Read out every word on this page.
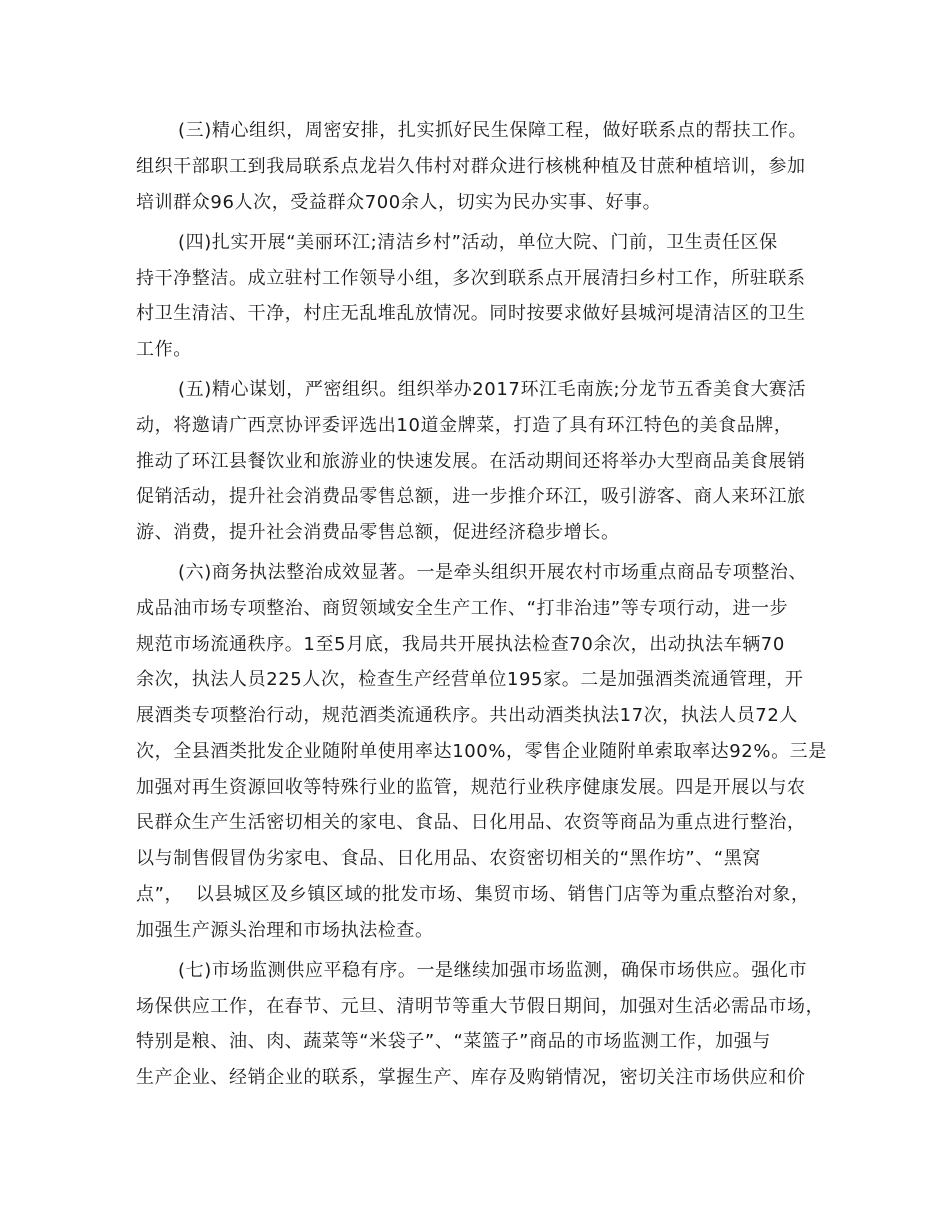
(三)精心组织，周密安排，扎实抓好民生保障工程，做好联系点的帮扶工作。
组织干部职工到我局联系点龙岩久伟村对群众进行核桃种植及甘蔗种植培训，参加
培训群众96人次，受益群众700余人，切实为民办实事、好事。
(四)扎实开展“美丽环江;清洁乡村”活动，单位大院、门前，卫生责任区保
持干净整洁。成立驻村工作领导小组，多次到联系点开展清扫乡村工作，所驻联系
村卫生清洁、干净，村庄无乱堆乱放情况。同时按要求做好县城河堤清洁区的卫生
工作。
(五)精心谋划，严密组织。组织举办2017环江毛南族;分龙节五香美食大赛活
动，将邀请广西烹协评委评选出10道金牌菜，打造了具有环江特色的美食品牌，
推动了环江县餐饮业和旅游业的快速发展。在活动期间还将举办大型商品美食展销
促销活动，提升社会消费品零售总额，进一步推介环江，吸引游客、商人来环江旅
游、消费，提升社会消费品零售总额，促进经济稳步增长。
(六)商务执法整治成效显著。一是牵头组织开展农村市场重点商品专项整治、
成品油市场专项整治、商贸领域安全生产工作、“打非治违”等专项行动，进一步
规范市场流通秩序。1至5月底，我局共开展执法检查70余次，出动执法车辆70
余次，执法人员225人次，检查生产经营单位195家。二是加强酒类流通管理，开
展酒类专项整治行动，规范酒类流通秩序。共出动酒类执法17次，执法人员72人
次，全县酒类批发企业随附单使用率达100%，零售企业随附单索取率达92%。三是
加强对再生资源回收等特殊行业的监管，规范行业秩序健康发展。四是开展以与农
民群众生产生活密切相关的家电、食品、日化用品、农资等商品为重点进行整治，
以与制售假冒伪劣家电、食品、日化用品、农资密切相关的“黑作坊”、“黑窝
点”，  以县城区及乡镇区域的批发市场、集贸市场、销售门店等为重点整治对象，
加强生产源头治理和市场执法检查。
(七)市场监测供应平稳有序。一是继续加强市场监测，确保市场供应。强化市
场保供应工作，在春节、元旦、清明节等重大节假日期间，加强对生活必需品市场，
特别是粮、油、肉、蔬菜等“米袋子”、“菜篮子”商品的市场监测工作，加强与
生产企业、经销企业的联系，掌握生产、库存及购销情况，密切关注市场供应和价
